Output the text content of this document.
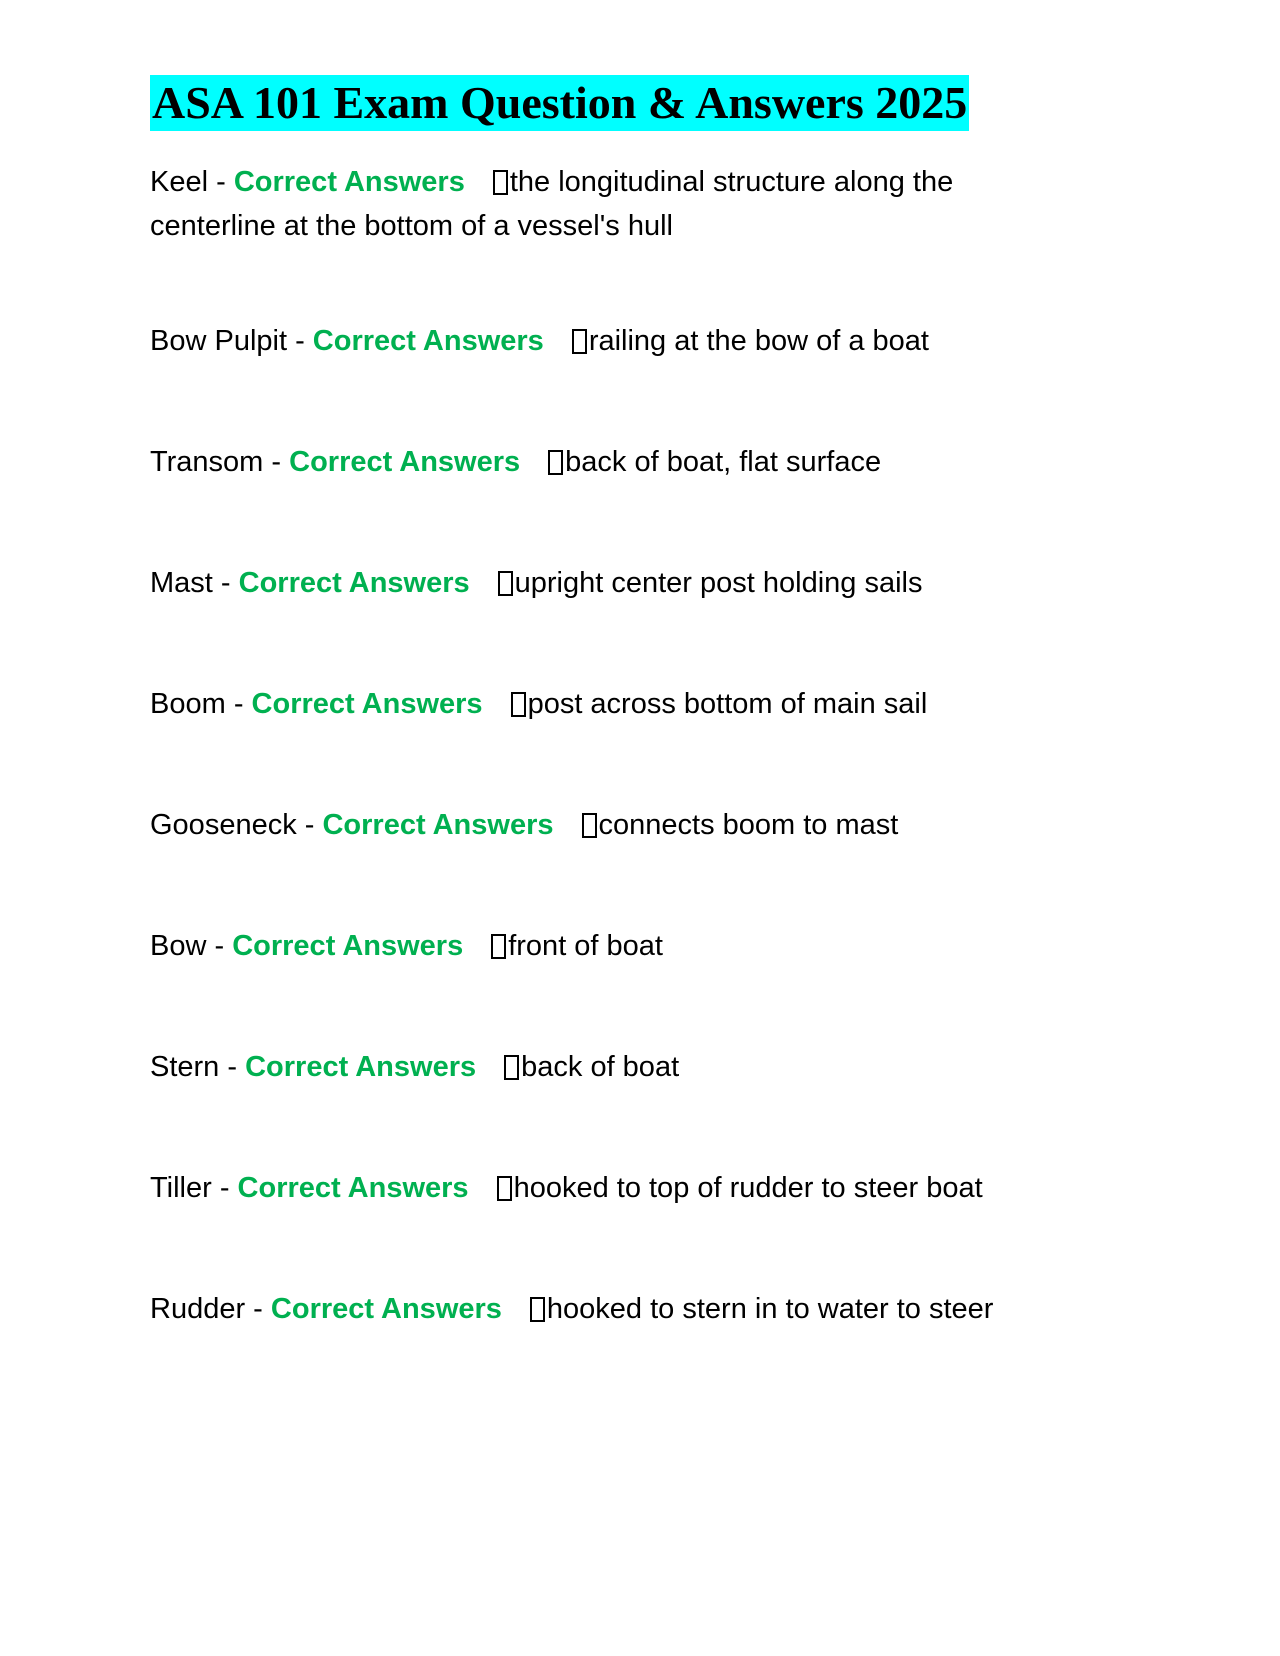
ASA 101 Exam Question & Answers 2025
Keel - Correct Answers the longitudinal structure along the centerline at the bottom of a vessel's hull
Bow Pulpit - Correct Answers railing at the bow of a boat
Transom - Correct Answers back of boat, flat surface
Mast - Correct Answers upright center post holding sails
Boom - Correct Answers post across bottom of main sail
Gooseneck - Correct Answers connects boom to mast
Bow - Correct Answers front of boat
Stern - Correct Answers back of boat
Tiller - Correct Answers hooked to top of rudder to steer boat
Rudder - Correct Answers hooked to stern in to water to steer
